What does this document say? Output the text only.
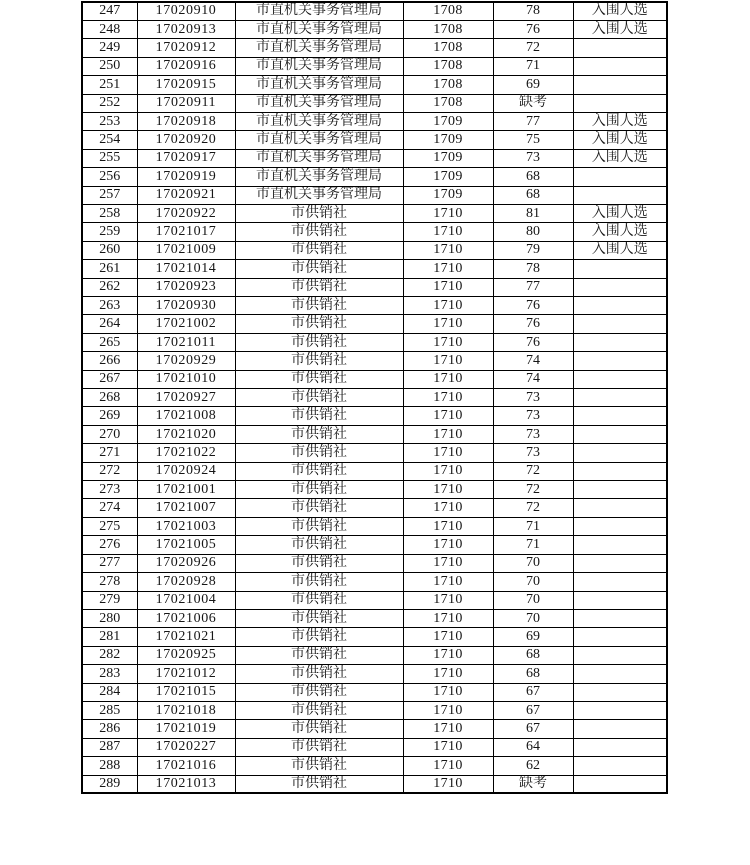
247	17020910	市直机关事务管理局	1708	78	入围人选
248	17020913	市直机关事务管理局	1708	76	入围人选
249	17020912	市直机关事务管理局	1708	72	
250	17020916	市直机关事务管理局	1708	71	
251	17020915	市直机关事务管理局	1708	69	
252	17020911	市直机关事务管理局	1708	缺考	
253	17020918	市直机关事务管理局	1709	77	入围人选
254	17020920	市直机关事务管理局	1709	75	入围人选
255	17020917	市直机关事务管理局	1709	73	入围人选
256	17020919	市直机关事务管理局	1709	68	
257	17020921	市直机关事务管理局	1709	68	
258	17020922	市供销社	1710	81	入围人选
259	17021017	市供销社	1710	80	入围人选
260	17021009	市供销社	1710	79	入围人选
261	17021014	市供销社	1710	78	
262	17020923	市供销社	1710	77	
263	17020930	市供销社	1710	76	
264	17021002	市供销社	1710	76	
265	17021011	市供销社	1710	76	
266	17020929	市供销社	1710	74	
267	17021010	市供销社	1710	74	
268	17020927	市供销社	1710	73	
269	17021008	市供销社	1710	73	
270	17021020	市供销社	1710	73	
271	17021022	市供销社	1710	73	
272	17020924	市供销社	1710	72	
273	17021001	市供销社	1710	72	
274	17021007	市供销社	1710	72	
275	17021003	市供销社	1710	71	
276	17021005	市供销社	1710	71	
277	17020926	市供销社	1710	70	
278	17020928	市供销社	1710	70	
279	17021004	市供销社	1710	70	
280	17021006	市供销社	1710	70	
281	17021021	市供销社	1710	69	
282	17020925	市供销社	1710	68	
283	17021012	市供销社	1710	68	
284	17021015	市供销社	1710	67	
285	17021018	市供销社	1710	67	
286	17021019	市供销社	1710	67	
287	17020227	市供销社	1710	64	
288	17021016	市供销社	1710	62	
289	17021013	市供销社	1710	缺考	
